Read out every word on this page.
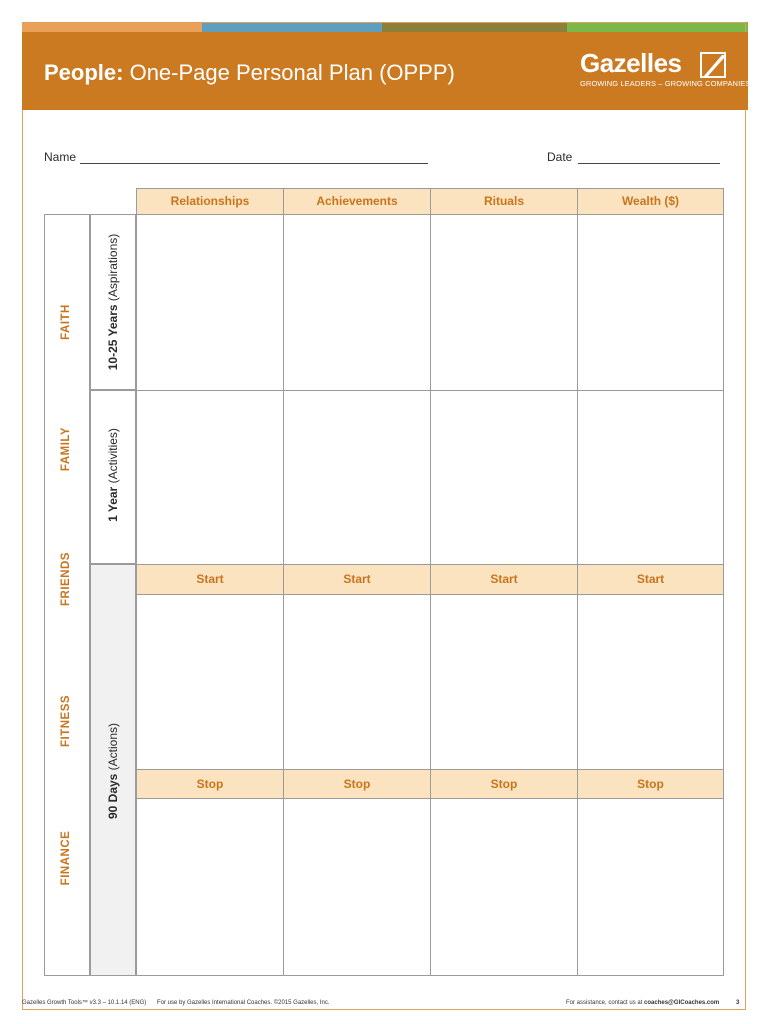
People: One-Page Personal Plan (OPPP)	Gazelles
GROWING LEADERS – GROWING COMPANIES
Name	Date
FAITH
FAMILY
FRIENDS
FITNESS
FINANCE
10-25 Years (Aspirations)
1 Year (Activities)
90 Days (Actions)
Relationships	Achievements	Rituals	Wealth ($)
Start	Start	Start	Start
Stop	Stop	Stop	Stop
Gazelles Growth Tools™ v3.3 – 10.1.14 (ENG) For use by Gazelles International Coaches. ©2015 Gazelles, Inc.	For assistance, contact us at coaches@GICoaches.com	3
